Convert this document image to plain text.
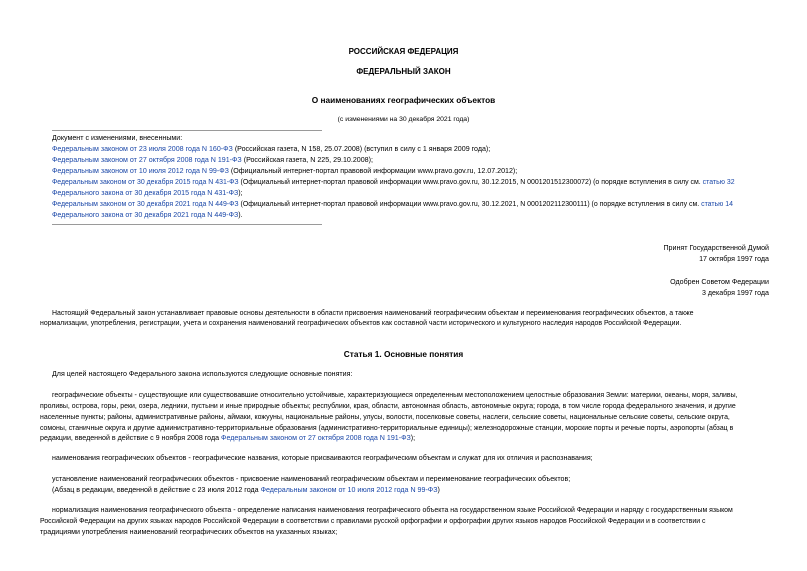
РОССИЙСКАЯ ФЕДЕРАЦИЯ
ФЕДЕРАЛЬНЫЙ ЗАКОН
О наименованиях географических объектов
(с изменениями на 30 декабря 2021 года)
Документ с изменениями, внесенными:
Федеральным законом от 23 июля 2008 года N 160-ФЗ (Российская газета, N 158, 25.07.2008) (вступил в силу с 1 января 2009 года);
Федеральным законом от 27 октября 2008 года N 191-ФЗ (Российская газета, N 225, 29.10.2008);
Федеральным законом от 10 июля 2012 года N 99-ФЗ (Официальный интернет-портал правовой информации www.pravo.gov.ru, 12.07.2012);
Федеральным законом от 30 декабря 2015 года N 431-ФЗ (Официальный интернет-портал правовой информации www.pravo.gov.ru, 30.12.2015, N 0001201512300072) (о порядке вступления в силу см. статью 32
Федерального закона от 30 декабря 2015 года N 431-ФЗ);
Федеральным законом от 30 декабря 2021 года N 449-ФЗ (Официальный интернет-портал правовой информации www.pravo.gov.ru, 30.12.2021, N 0001202112300111) (о порядке вступления в силу см. статью 14
Федерального закона от 30 декабря 2021 года N 449-ФЗ).
Принят Государственной Думой
17 октября 1997 года
Одобрен Советом Федерации
3 декабря 1997 года
Настоящий Федеральный закон устанавливает правовые основы деятельности в области присвоения наименований географическим объектам и переименования географических объектов, а также
нормализации, употребления, регистрации, учета и сохранения наименований географических объектов как составной части исторического и культурного наследия народов Российской Федерации.
Статья 1. Основные понятия
Для целей настоящего Федерального закона используются следующие основные понятия:
географические объекты - существующие или существовавшие относительно устойчивые, характеризующиеся определенным местоположением целостные образования Земли: материки, океаны, моря, заливы,
проливы, острова, горы, реки, озера, ледники, пустыни и иные природные объекты; республики, края, области, автономная область, автономные округа; города, в том числе города федерального значения, и другие
населенные пункты; районы, административные районы, аймаки, кожууны, национальные районы, улусы, волости, поселковые советы, наслеги, сельские советы, национальные сельские советы, сельские округа,
сомоны, станичные округа и другие административно-территориальные образования (административно-территориальные единицы); железнодорожные станции, морские порты и речные порты, аэропорты (абзац в
редакции, введенной в действие с 9 ноября 2008 года Федеральным законом от 27 октября 2008 года N 191-ФЗ);
наименования географических объектов - географические названия, которые присваиваются географическим объектам и служат для их отличия и распознавания;
установление наименований географических объектов - присвоение наименований географическим объектам и переименование географических объектов;
(Абзац в редакции, введенной в действие с 23 июля 2012 года Федеральным законом от 10 июля 2012 года N 99-ФЗ)
нормализация наименования географического объекта - определение написания наименования географического объекта на государственном языке Российской Федерации и наряду с государственным языком
Российской Федерации на других языках народов Российской Федерации в соответствии с правилами русской орфографии и орфографии других языков народов Российской Федерации и в соответствии с
традициями употребления наименований географических объектов на указанных языках;
